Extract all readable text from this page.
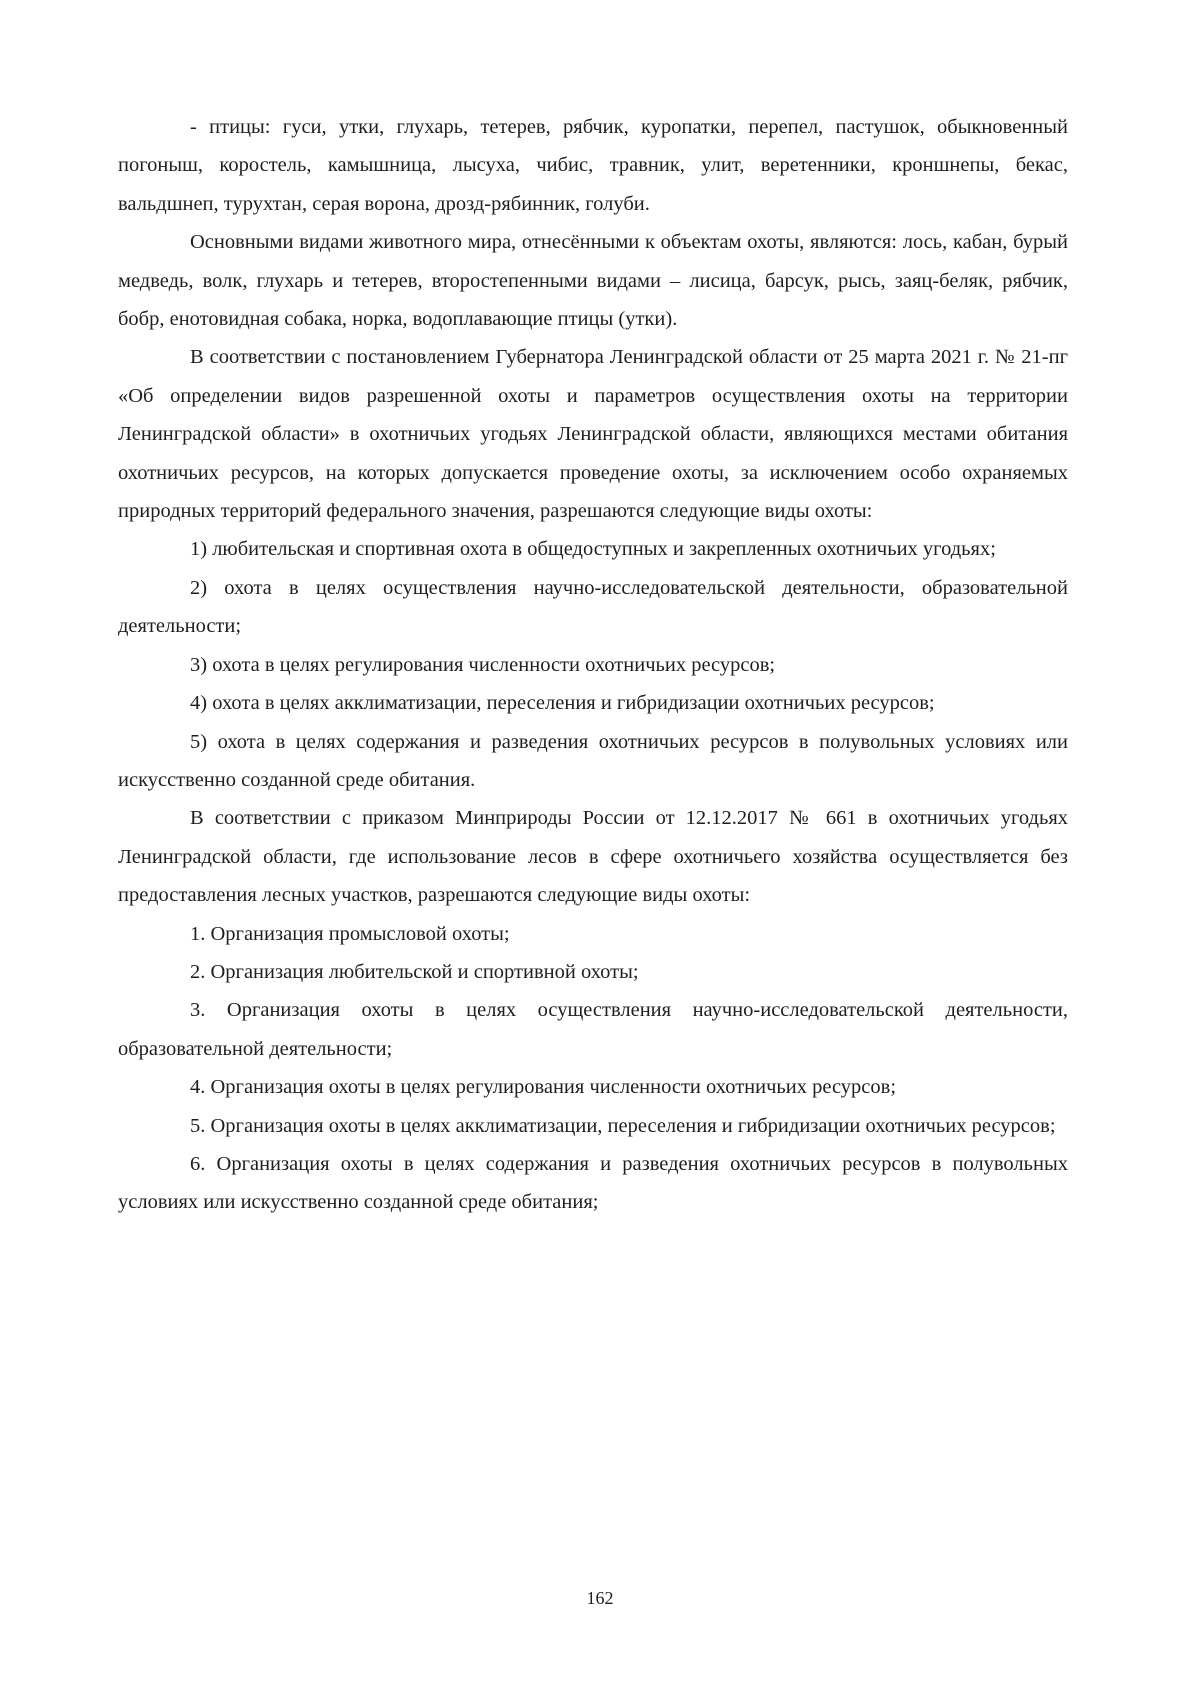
- птицы: гуси, утки, глухарь, тетерев, рябчик, куропатки, перепел, пастушок, обыкновенный погоныш, коростель, камышница, лысуха, чибис, травник, улит, веретенники, кроншнепы, бекас, вальдшнеп, турухтан, серая ворона, дрозд-рябинник, голуби.

Основными видами животного мира, отнесёнными к объектам охоты, являются: лось, кабан, бурый медведь, волк, глухарь и тетерев, второстепенными видами – лисица, барсук, рысь, заяц-беляк, рябчик, бобр, енотовидная собака, норка, водоплавающие птицы (утки).

В соответствии с постановлением Губернатора Ленинградской области от 25 марта 2021 г. № 21-пг «Об определении видов разрешенной охоты и параметров осуществления охоты на территории Ленинградской области» в охотничьих угодьях Ленинградской области, являющихся местами обитания охотничьих ресурсов, на которых допускается проведение охоты, за исключением особо охраняемых природных территорий федерального значения, разрешаются следующие виды охоты:

1) любительская и спортивная охота в общедоступных и закрепленных охотничьих угодьях;

2) охота в целях осуществления научно-исследовательской деятельности, образовательной деятельности;

3) охота в целях регулирования численности охотничьих ресурсов;

4) охота в целях акклиматизации, переселения и гибридизации охотничьих ресурсов;

5) охота в целях содержания и разведения охотничьих ресурсов в полувольных условиях или искусственно созданной среде обитания.

В соответствии с приказом Минприроды России от 12.12.2017 № 661 в охотничьих угодьях Ленинградской области, где использование лесов в сфере охотничьего хозяйства осуществляется без предоставления лесных участков, разрешаются следующие виды охоты:

1. Организация промысловой охоты;

2. Организация любительской и спортивной охоты;

3. Организация охоты в целях осуществления научно-исследовательской деятельности, образовательной деятельности;

4. Организация охоты в целях регулирования численности охотничьих ресурсов;

5. Организация охоты в целях акклиматизации, переселения и гибридизации охотничьих ресурсов;

6. Организация охоты в целях содержания и разведения охотничьих ресурсов в полувольных условиях или искусственно созданной среде обитания;

162
